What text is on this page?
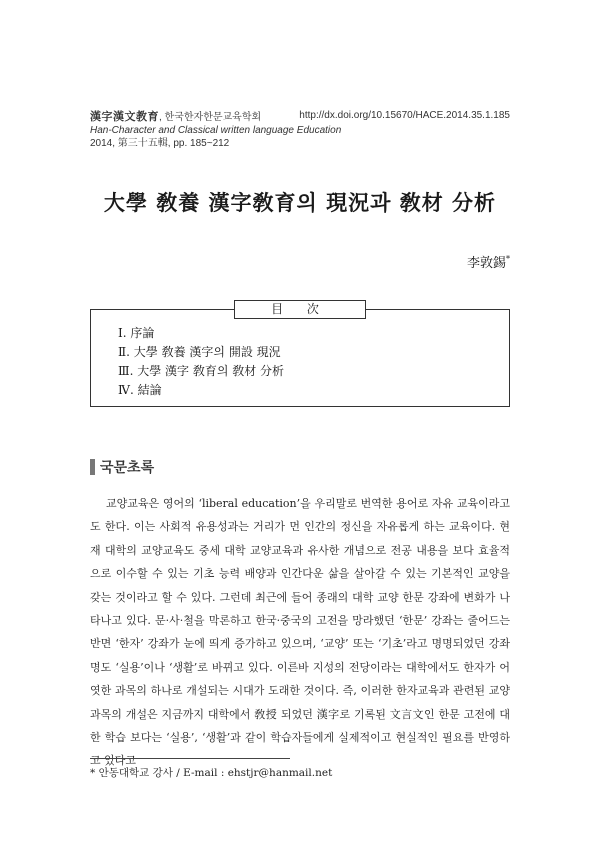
漢字漢文教育, 한국한자한문교육학회
Han-Character and Classical written language Education
2014, 第三十五輯, pp. 185~212
http://dx.doi.org/10.15670/HACE.2014.35.1.185
大學 敎養 漢字敎育의 現況과 敎材 分析
李敦錫*
目 次
Ⅰ. 序論
Ⅱ. 大學 敎養 漢字의 開設 現況
Ⅲ. 大學 漢字 敎育의 敎材 分析
Ⅳ. 結論
국문초록

교양교육은 영어의 ‘liberal education’을 우리말로 번역한 용어로 자유 교육이라고도 한다. 이는 사회적 유용성과는 거리가 먼 인간의 정신을 자유롭게 하는 교육이다. 현재 대학의 교양교육도 중세 대학 교양교육과 유사한 개념으로 전공 내용을 보다 효율적으로 이수할 수 있는 기초 능력 배양과 인간다운 삶을 살아갈 수 있는 기본적인 교양을 갖는 것이라고 할 수 있다. 그런데 최근에 들어 종래의 대학 교양 한문 강좌에 변화가 나타나고 있다. 문·사·철을 막론하고 한국·중국의 고전을 망라했던 ‘한문’ 강좌는 줄어드는 반면 ‘한자’ 강좌가 눈에 띄게 증가하고 있으며, ‘교양’ 또는 ‘기초’라고 명명되었던 강좌명도 ‘실용’이나 ‘생활’로 바뀌고 있다. 이른바 지성의 전당이라는 대학에서도 한자가 어엿한 과목의 하나로 개설되는 시대가 도래한 것이다. 즉, 이러한 한자교육과 관련된 교양 과목의 개설은 지금까지 대학에서 敎授 되었던 漢字로 기록된 文言文인 한문 고전에 대한 학습 보다는 ‘실용’, ‘생활’과 같이 학습자들에게 실제적이고 현실적인 필요를 반영하고 있다고

* 안동대학교 강사 / E-mail : ehstjr@hanmail.net
